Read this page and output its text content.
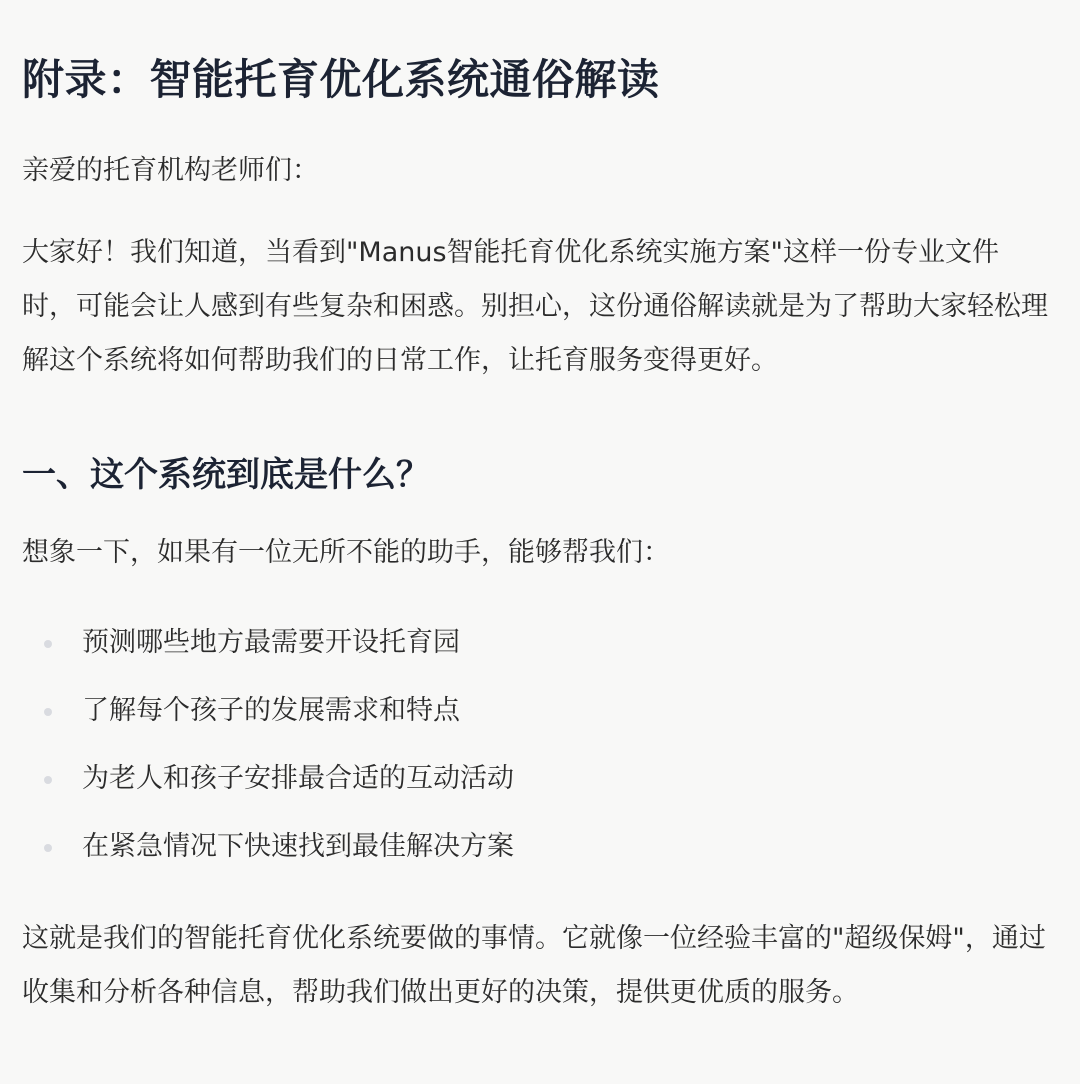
附录：智能托育优化系统通俗解读

亲爱的托育机构老师们：

大家好！我们知道，当看到"Manus智能托育优化系统实施方案"这样一份专业文件时，可能会让人感到有些复杂和困惑。别担心，这份通俗解读就是为了帮助大家轻松理解这个系统将如何帮助我们的日常工作，让托育服务变得更好。

一、这个系统到底是什么？

想象一下，如果有一位无所不能的助手，能够帮我们：

预测哪些地方最需要开设托育园
了解每个孩子的发展需求和特点
为老人和孩子安排最合适的互动活动
在紧急情况下快速找到最佳解决方案

这就是我们的智能托育优化系统要做的事情。它就像一位经验丰富的"超级保姆"，通过收集和分析各种信息，帮助我们做出更好的决策，提供更优质的服务。
